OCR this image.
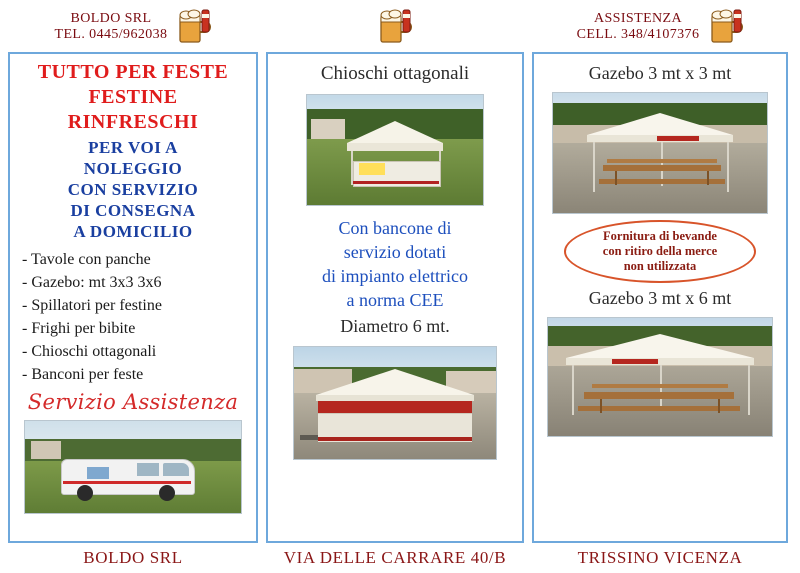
BOLDO SRL
TEL. 0445/962038
TUTTO PER FESTE
FESTINE
RINFRESCHI
PER VOI A
NOLEGGIO
CON SERVIZIO
DI CONSEGNA
A DOMICILIO
- Tavole con panche
- Gazebo: mt 3x3 3x6
- Spillatori per festine
- Frighi per bibite
- Chioschi ottagonali
- Banconi per feste
Servizio Assistenza
BOLDO SRL
Chioschi ottagonali
Con bancone di
servizio dotati
di impianto elettrico
a norma CEE
Diametro 6 mt.
VIA DELLE CARRARE 40/B
ASSISTENZA
CELL. 348/4107376
Gazebo 3 mt x 3 mt
Fornitura di bevande
con ritiro della merce
non utilizzata
Gazebo 3 mt x 6 mt
TRISSINO VICENZA
